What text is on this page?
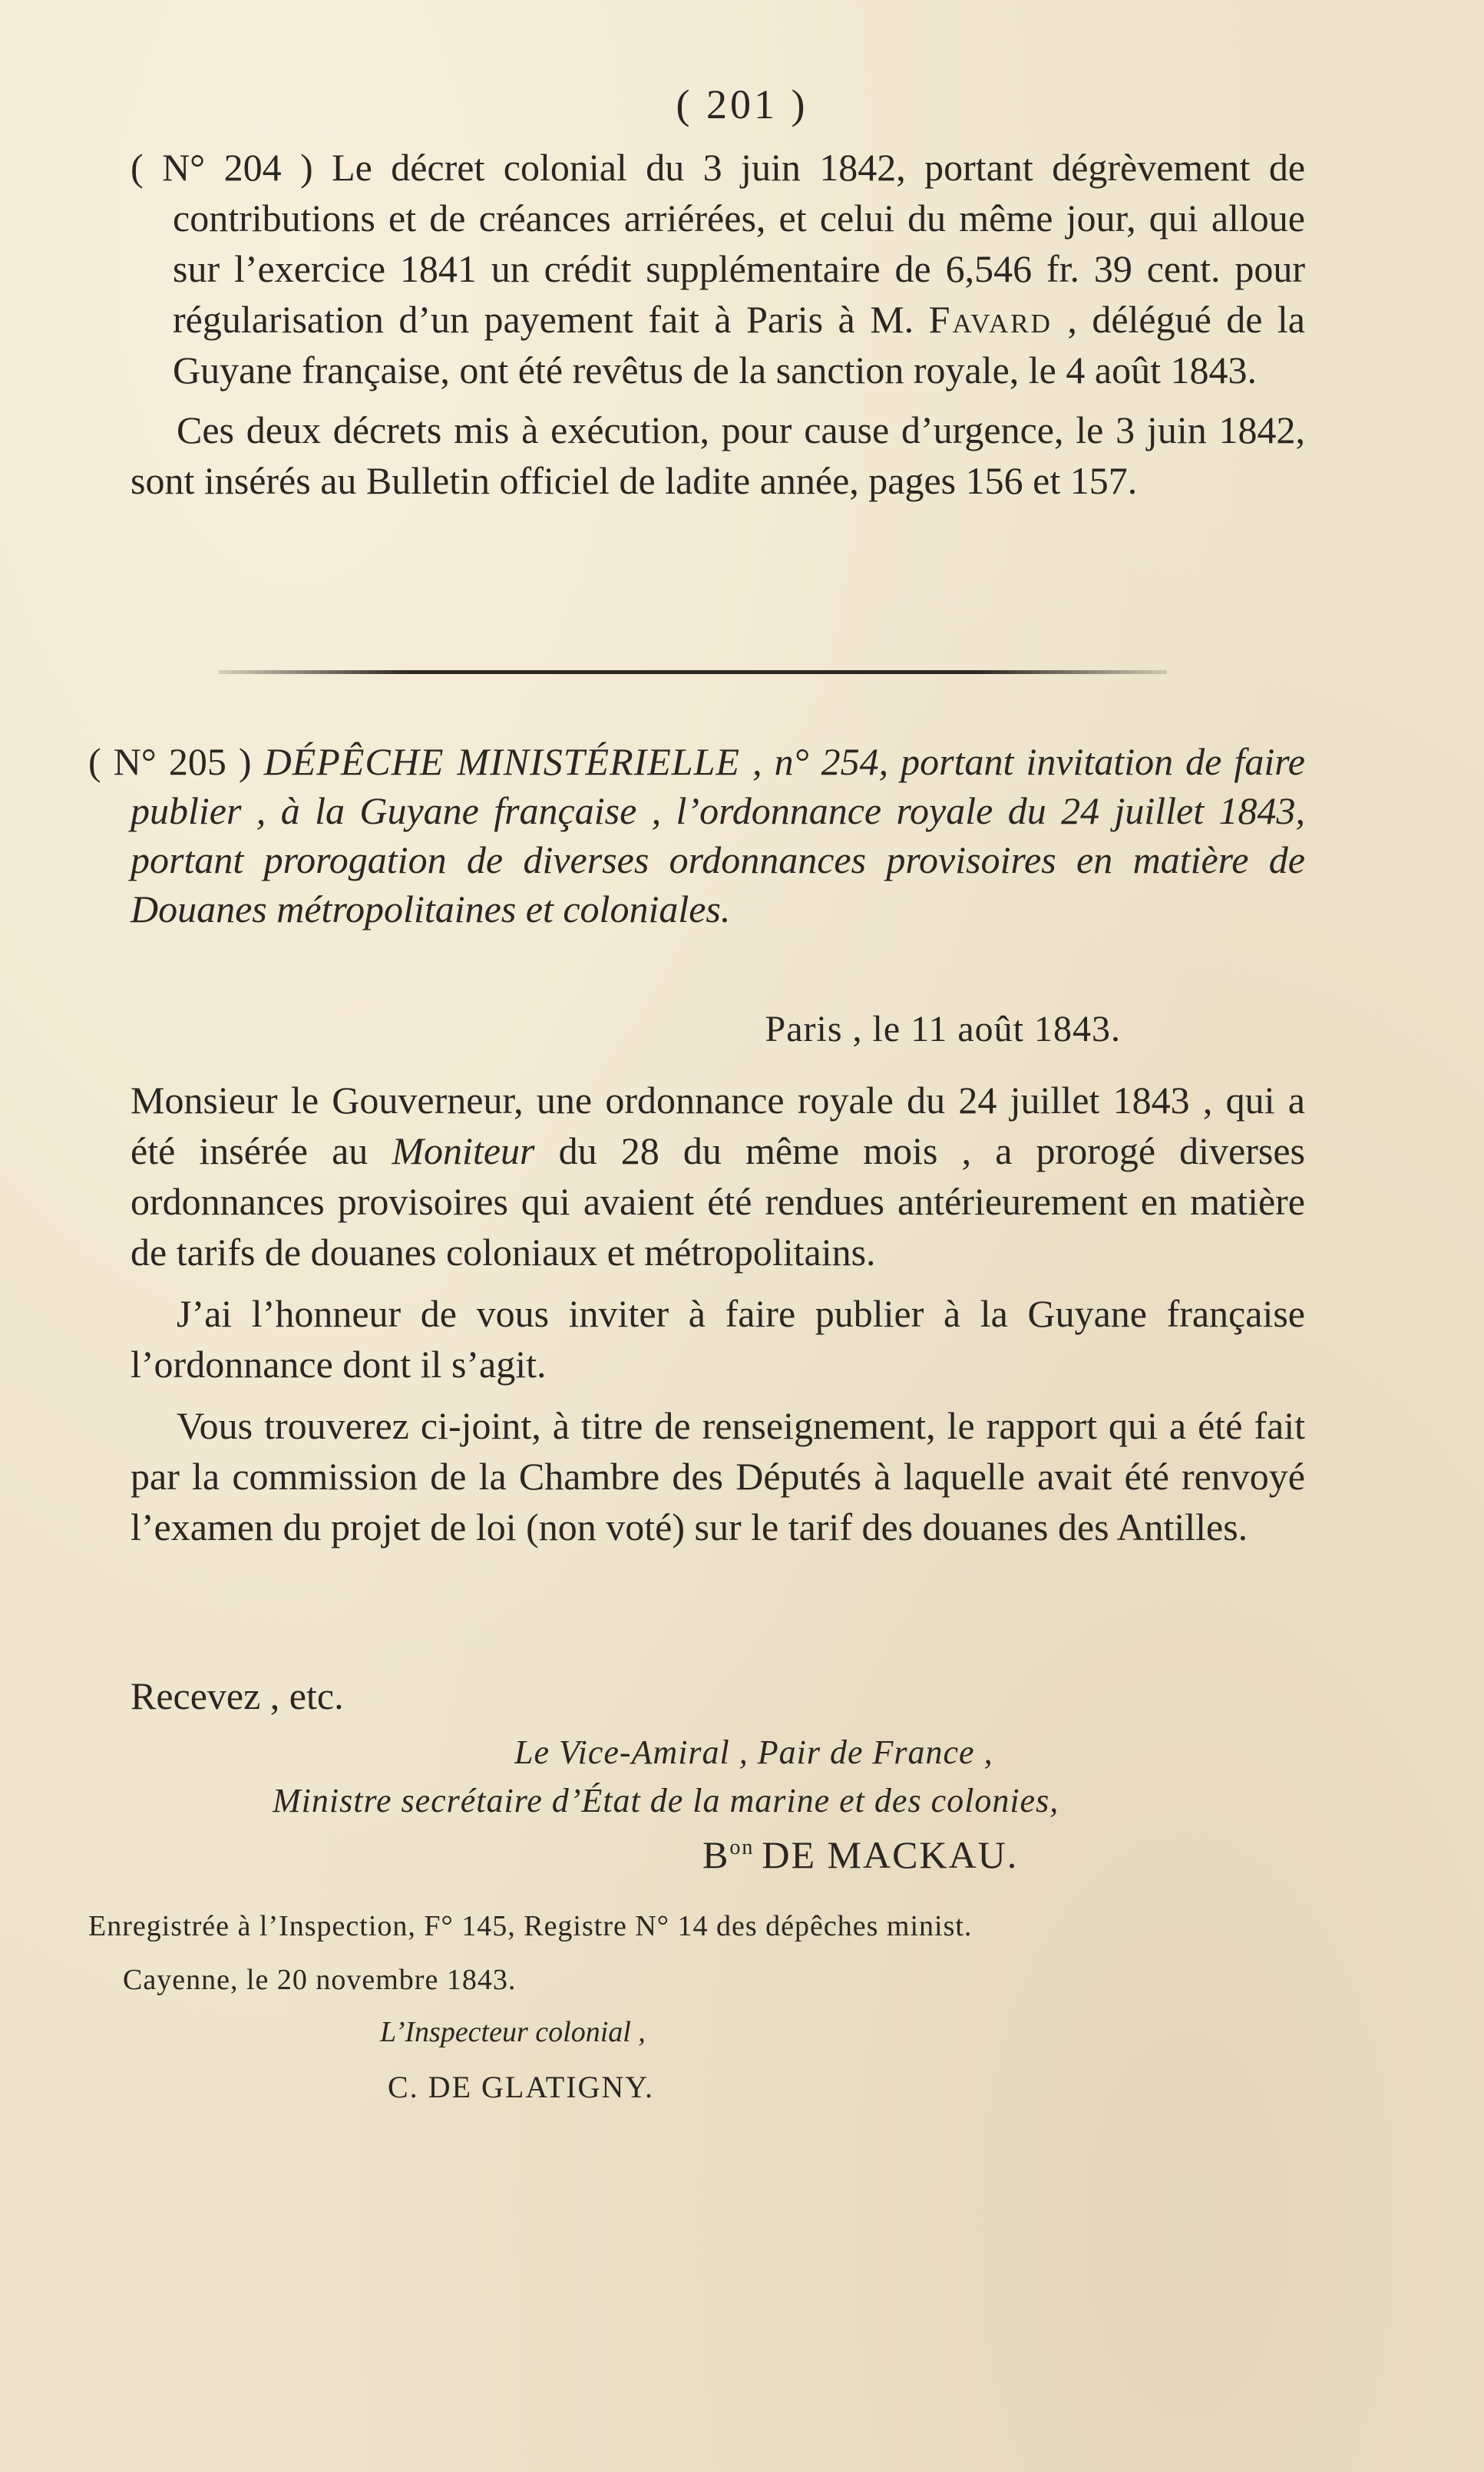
( 201 )

( N° 204 ) Le décret colonial du 3 juin 1842, portant dégrèvement de contributions et de créances arriérées, et celui du même jour, qui alloue sur l’exercice 1841 un crédit supplémentaire de 6,546 fr. 39 cent. pour régularisation d’un payement fait à Paris à M. Favard , délégué de la Guyane française, ont été revêtus de la sanction royale, le 4 août 1843.

Ces deux décrets mis à exécution, pour cause d’urgence, le 3 juin 1842, sont insérés au Bulletin officiel de ladite année, pages 156 et 157.

( N° 205 ) DÉPÊCHE MINISTÉRIELLE , n° 254, portant invitation de faire publier , à la Guyane française , l’ordonnance royale du 24 juillet 1843, portant prorogation de diverses ordonnances provisoires en matière de Douanes métropolitaines et coloniales.

Paris , le 11 août 1843.

Monsieur le Gouverneur, une ordonnance royale du 24 juillet 1843 , qui a été insérée au Moniteur du 28 du même mois , a prorogé diverses ordonnances provisoires qui avaient été rendues antérieurement en matière de tarifs de douanes coloniaux et métropolitains.

J’ai l’honneur de vous inviter à faire publier à la Guyane française l’ordonnance dont il s’agit.

Vous trouverez ci-joint, à titre de renseignement, le rapport qui a été fait par la commission de la Chambre des Députés à laquelle avait été renvoyé l’examen du projet de loi (non voté) sur le tarif des douanes des Antilles.

Recevez , etc.
Le Vice-Amiral , Pair de France ,
Ministre secrétaire d’État de la marine et des colonies,
$B^{on}$ DE MACKAU.
Enregistrée à l’Inspection, F° 145, Registre N° 14 des dépêches minist.
Cayenne, le 20 novembre 1843.
L’Inspecteur colonial ,
C. DE GLATIGNY.
